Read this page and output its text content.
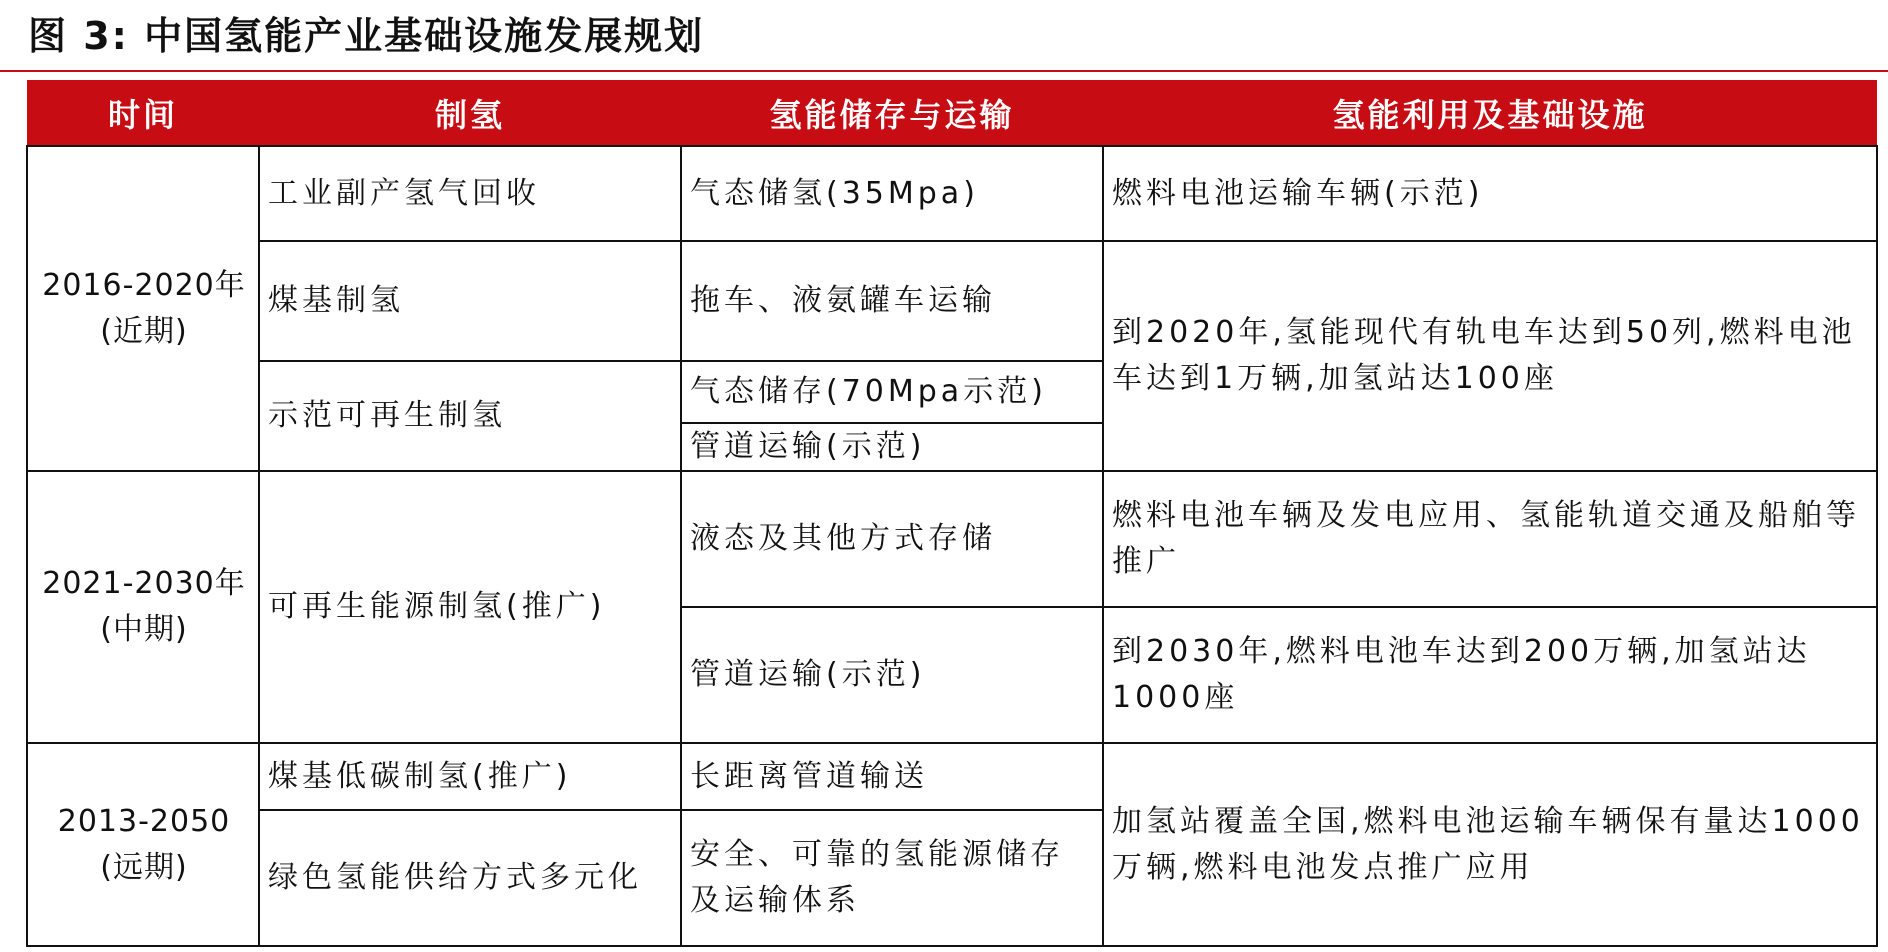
图 3: 中国氢能产业基础设施发展规划
时间	制氢	氢能储存与运输	氢能利用及基础设施

2016-2020年
(近期)	工业副产氢气回收	气态储氢(35Mpa)	燃料电池运输车辆(示范)
	煤基制氢	拖车、液氨罐车运输	到2020年,氢能现代有轨电车达到50列,燃料电池车达到1万辆,加氢站达100座
	示范可再生制氢	气态储存(70Mpa示范)	
		管道运输(示范)	

2021-2030年
(中期)	可再生能源制氢(推广)	液态及其他方式存储	燃料电池车辆及发电应用、氢能轨道交通及船舶等推广
		管道运输(示范)	到2030年,燃料电池车达到200万辆,加氢站达1000座

2013-2050
(远期)	煤基低碳制氢(推广)	长距离管道输送	加氢站覆盖全国,燃料电池运输车辆保有量达1000万辆,燃料电池发点推广应用
	绿色氢能供给方式多元化	安全、可靠的氢能源储存及运输体系	
